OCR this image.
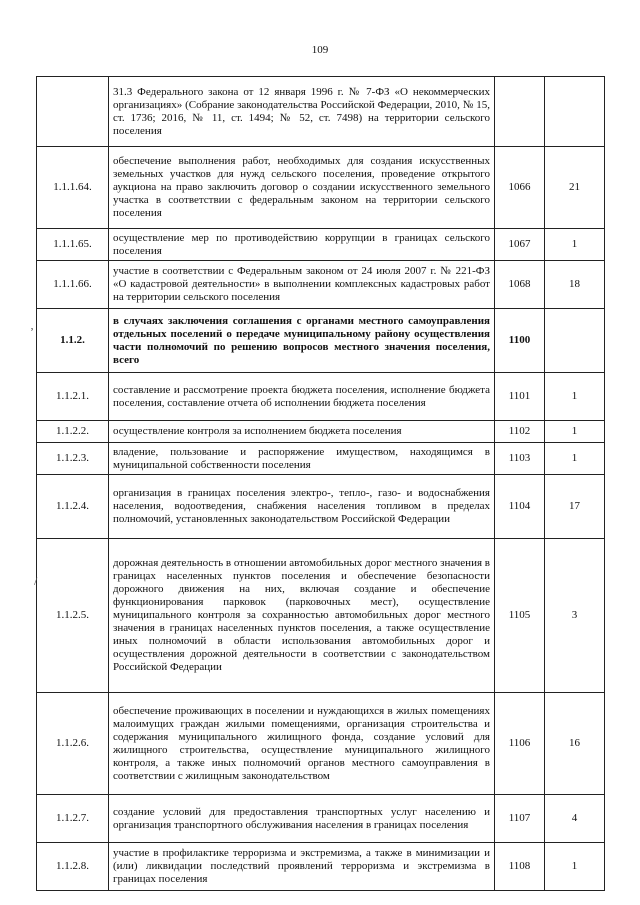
109
	31.3 Федерального закона от 12 января 1996 г. № 7-ФЗ «О некоммерческих организациях» (Собрание законодательства Российской Федерации, 2010, № 15, ст. 1736; 2016, № 11, ст. 1494; № 52, ст. 7498) на территории сельского поселения		
1.1.1.64.	обеспечение выполнения работ, необходимых для создания искусственных земельных участков для нужд сельского поселения, проведение открытого аукциона на право заключить договор о создании искусственного земельного участка в соответствии с федеральным законом на территории сельского поселения	1066	21
1.1.1.65.	осуществление мер по противодействию коррупции в границах сельского поселения	1067	1
1.1.1.66.	участие в соответствии с Федеральным законом от 24 июля 2007 г. № 221-ФЗ «О кадастровой деятельности» в выполнении комплексных кадастровых работ на территории сельского поселения	1068	18
1.1.2.	в случаях заключения соглашения с органами местного самоуправления отдельных поселений о передаче муниципальному району осуществления части полномочий по решению вопросов местного значения поселения, всего	1100	
1.1.2.1.	составление и рассмотрение проекта бюджета поселения, исполнение бюджета поселения, составление отчета об исполнении бюджета поселения	1101	1
1.1.2.2.	осуществление контроля за исполнением бюджета поселения	1102	1
1.1.2.3.	владение, пользование и распоряжение имуществом, находящимся в муниципальной собственности поселения	1103	1
1.1.2.4.	организация в границах поселения электро-, тепло-, газо- и водоснабжения населения, водоотведения, снабжения населения топливом в пределах полномочий, установленных законодательством Российской Федерации	1104	17
1.1.2.5.	дорожная деятельность в отношении автомобильных дорог местного значения в границах населенных пунктов поселения и обеспечение безопасности дорожного движения на них, включая создание и обеспечение функционирования парковок (парковочных мест), осуществление муниципального контроля за сохранностью автомобильных дорог местного значения в границах населенных пунктов поселения, а также осуществление иных полномочий в области использования автомобильных дорог и осуществления дорожной деятельности в соответствии с законодательством Российской Федерации	1105	3
1.1.2.6.	обеспечение проживающих в поселении и нуждающихся в жилых помещениях малоимущих граждан жилыми помещениями, организация строительства и содержания муниципального жилищного фонда, создание условий для жилищного строительства, осуществление муниципального жилищного контроля, а также иных полномочий органов местного самоуправления в соответствии с жилищным законодательством	1106	16
1.1.2.7.	создание условий для предоставления транспортных услуг населению и организация транспортного обслуживания населения в границах поселения	1107	4
1.1.2.8.	участие в профилактике терроризма и экстремизма, а также в минимизации и (или) ликвидации последствий проявлений терроризма и экстремизма в границах поселения	1108	1
‚
/
